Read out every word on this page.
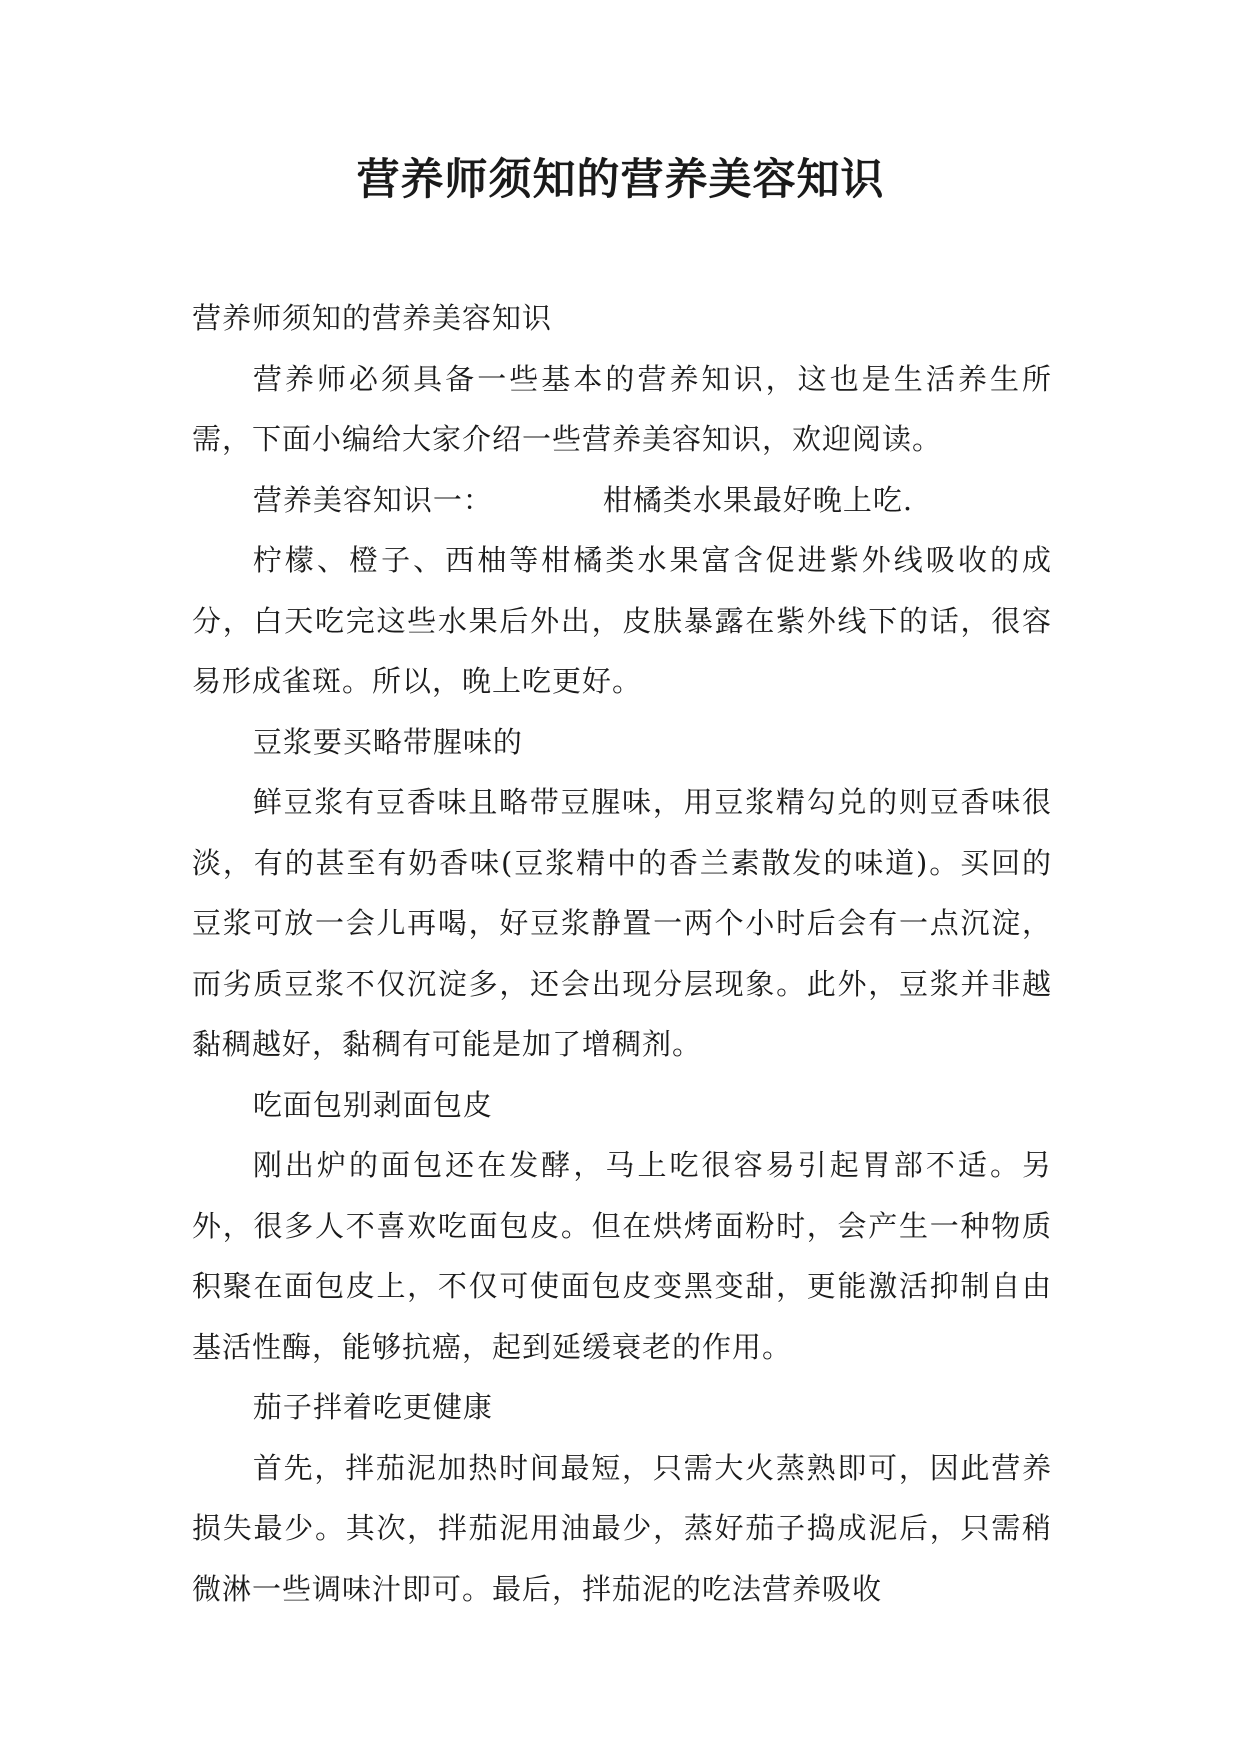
营养师须知的营养美容知识

营养师须知的营养美容知识

营养师必须具备一些基本的营养知识，这也是生活养生所需，下面小编给大家介绍一些营养美容知识，欢迎阅读。

营养美容知识一：	柑橘类水果最好晚上吃.

柠檬、橙子、西柚等柑橘类水果富含促进紫外线吸收的成分，白天吃完这些水果后外出，皮肤暴露在紫外线下的话，很容易形成雀斑。所以，晚上吃更好。

豆浆要买略带腥味的

鲜豆浆有豆香味且略带豆腥味，用豆浆精勾兑的则豆香味很淡，有的甚至有奶香味(豆浆精中的香兰素散发的味道)。买回的豆浆可放一会儿再喝，好豆浆静置一两个小时后会有一点沉淀，而劣质豆浆不仅沉淀多，还会出现分层现象。此外，豆浆并非越黏稠越好，黏稠有可能是加了增稠剂。

吃面包别剥面包皮

刚出炉的面包还在发酵，马上吃很容易引起胃部不适。另外，很多人不喜欢吃面包皮。但在烘烤面粉时，会产生一种物质积聚在面包皮上，不仅可使面包皮变黑变甜，更能激活抑制自由基活性酶，能够抗癌，起到延缓衰老的作用。

茄子拌着吃更健康

首先，拌茄泥加热时间最短，只需大火蒸熟即可，因此营养损失最少。其次，拌茄泥用油最少，蒸好茄子捣成泥后，只需稍微淋一些调味汁即可。最后，拌茄泥的吃法营养吸收
